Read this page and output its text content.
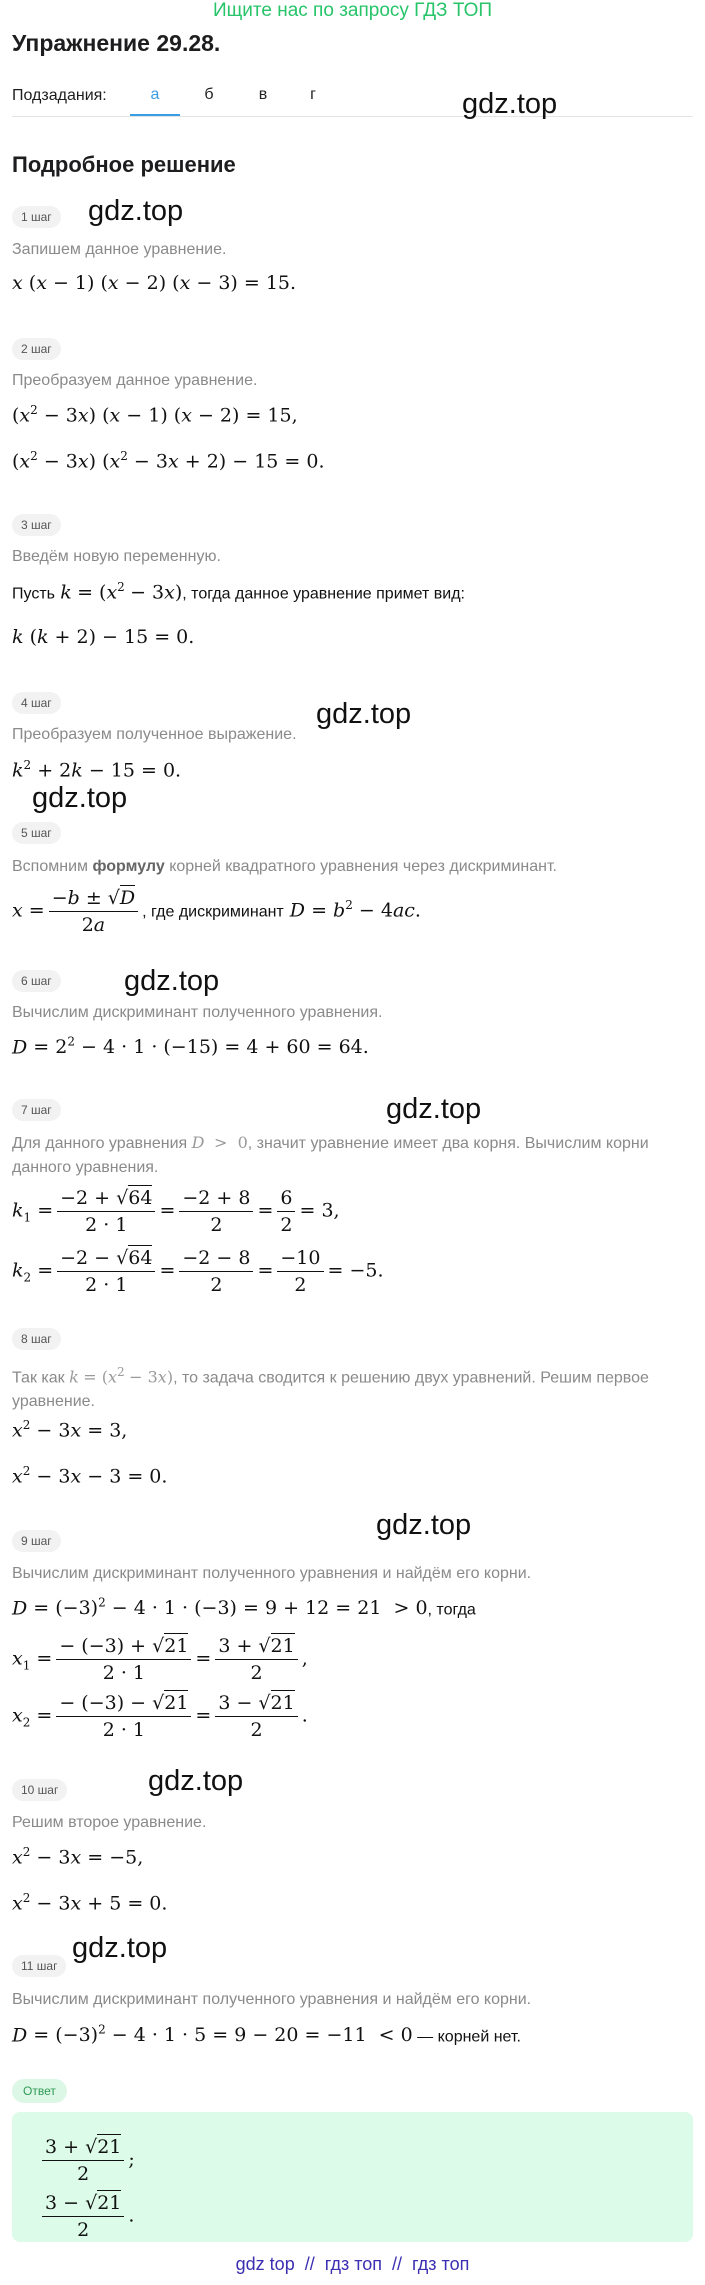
Ищите нас по запросу ГДЗ ТОП
Упражнение 29.28.
Подзадания:	а	б	в	г	gdz.top
gdz.top
gdz.top
gdz.top
gdz.top
gdz.top
gdz.top
gdz.top
gdz.top
Подробное решение
1 шаг
Запишем данное уравнение.
x (x − 1) (x − 2) (x − 3) = 15.
2 шаг
Преобразуем данное уравнение.
$(x^2 - 3x) (x - 1) (x - 2) = 15$,
$(x^2 - 3x) (x^2 - 3x + 2) - 15 = 0$.
3 шаг
Введём новую переменную.
Пусть $k = (x^2 - 3x)$, тогда данное уравнение примет вид:
k (k + 2) − 15 = 0.
4 шаг
Преобразуем полученное выражение.
$k^2 + 2k - 15 = 0$.
5 шаг
Вспомним формулу корней квадратного уравнения через дискриминант.
$x = \frac{-b \pm √D}{2a}$ , где дискриминант $D = b^2 - 4ac$.
6 шаг
Вычислим дискриминант полученного уравнения.
$D = 2^2 - 4 \cdot 1 \cdot (-15) = 4 + 60 = 64$.
7 шаг
Для данного уравнения D  >  0, значит уравнение имеет два корня. Вычислим корни данного уравнения.
$k_1 = \frac{-2 + √64}{2 \cdot 1} = \frac{-2 + 8}{2} = \frac{6}{2} = 3$,
$k_2 = \frac{-2 - √64}{2 \cdot 1} = \frac{-2 - 8}{2} = \frac{-10}{2} = -5$.
8 шаг
Так как $k = (x^2 - 3x)$, то задача сводится к решению двух уравнений. Решим первое уравнение.
$x^2 - 3x = 3$,
$x^2 - 3x - 3 = 0$.
9 шаг
Вычислим дискриминант полученного уравнения и найдём его корни.
$D = (-3)^2 - 4 \cdot 1 \cdot (-3) = 9 + 12 = 21 > 0$, тогда
$x_1 = \frac{- (-3) + √21}{2 \cdot 1} = \frac{3 + √21}{2}$ ,
$x_2 = \frac{- (-3) - √21}{2 \cdot 1} = \frac{3 - √21}{2}$ .
10 шаг
Решим второе уравнение.
$x^2 - 3x = -5$,
$x^2 - 3x + 5 = 0$.
11 шаг
Вычислим дискриминант полученного уравнения и найдём его корни.
$D = (-3)^2 - 4 \cdot 1 \cdot 5 = 9 - 20 = -11 < 0$ — корней нет.
Ответ
$\frac{3 + √21}{2}$ ;
$\frac{3 - √21}{2}$ .
gdz top  //  гдз топ  //  гдз топ
